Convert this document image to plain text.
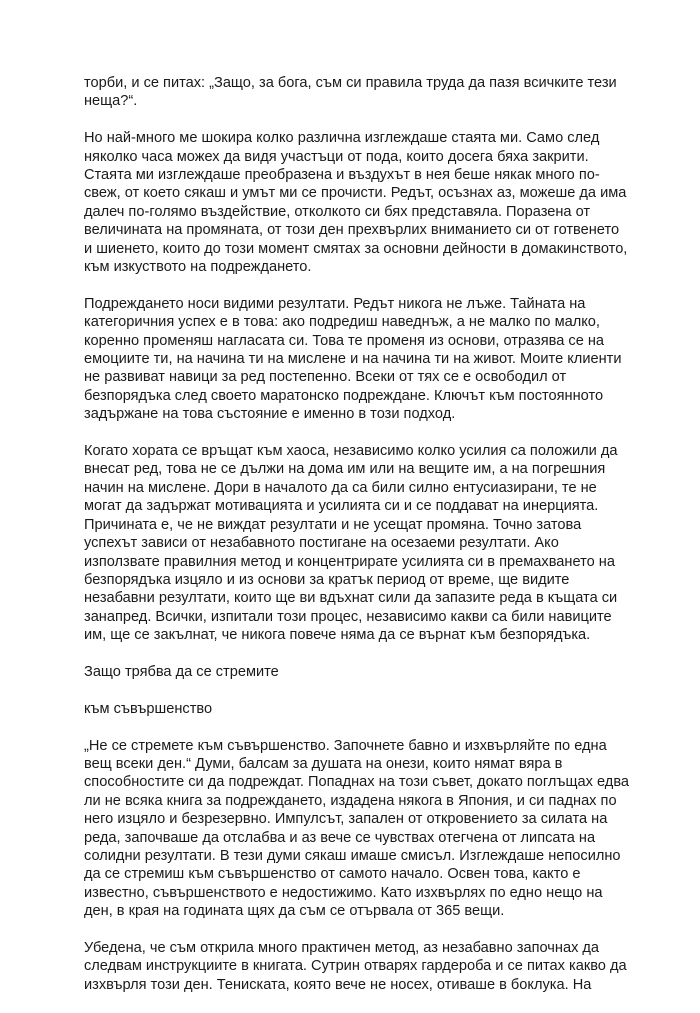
торби, и се питах: „Защо, за бога, съм си правила труда да пазя всичките тези
неща?“.

Но най-много ме шокира колко различна изглеждаше стаята ми. Само след
няколко часа можех да видя участъци от пода, които досега бяха закрити.
Стаята ми изглеждаше преобразена и въздухът в нея беше някак много по-
свеж, от което сякаш и умът ми се прочисти. Редът, осъзнах аз, можеше да има
далеч по-голямо въздействие, отколкото си бях представяла. Поразена от
величината на промяната, от този ден прехвърлих вниманието си от готвенето
и шиенето, които до този момент смятах за основни дейности в домакинството,
към изкуството на подреждането.

Подреждането носи видими резултати. Редът никога не лъже. Тайната на
категоричния успех е в това: ако подредиш наведнъж, а не малко по малко,
коренно променяш нагласата си. Това те променя из основи, отразява се на
емоциите ти, на начина ти на мислене и на начина ти на живот. Моите клиенти
не развиват навици за ред постепенно. Всеки от тях се е освободил от
безпорядъка след своето маратонско подреждане. Ключът към постоянното
задържане на това състояние е именно в този подход.

Когато хората се връщат към хаоса, независимо колко усилия са положили да
внесат ред, това не се дължи на дома им или на вещите им, а на погрешния
начин на мислене. Дори в началото да са били силно ентусиазирани, те не
могат да задържат мотивацията и усилията си и се поддават на инерцията.
Причината е, че не виждат резултати и не усещат промяна. Точно затова
успехът зависи от незабавното постигане на осезаеми резултати. Ако
използвате правилния метод и концентрирате усилията си в премахването на
безпорядъка изцяло и из основи за кратък период от време, ще видите
незабавни резултати, които ще ви вдъхнат сили да запазите реда в къщата си
занапред. Всички, изпитали този процес, независимо какви са били навиците
им, ще се закълнат, че никога повече няма да се върнат към безпорядъка.

Защо трябва да се стремите

към съвършенство

„Не се стремете към съвършенство. Започнете бавно и изхвърляйте по една
вещ всеки ден.“ Думи, балсам за душата на онези, които нямат вяра в
способностите си да подреждат. Попаднах на този съвет, докато поглъщах едва
ли не всяка книга за подреждането, издадена някога в Япония, и си паднах по
него изцяло и безрезервно. Импулсът, запален от откровението за силата на
реда, започваше да отслабва и аз вече се чувствах отегчена от липсата на
солидни резултати. В тези думи сякаш имаше смисъл. Изглеждаше непосилно
да се стремиш към съвършенство от самото начало. Освен това, както е
известно, съвършенството е недостижимо. Като изхвърлях по едно нещо на
ден, в края на годината щях да съм се отървала от 365 вещи.

Убедена, че съм открила много практичен метод, аз незабавно започнах да
следвам инструкциите в книгата. Сутрин отварях гардероба и се питах какво да
изхвърля този ден. Тениската, която вече не носех, отиваше в боклука. На
